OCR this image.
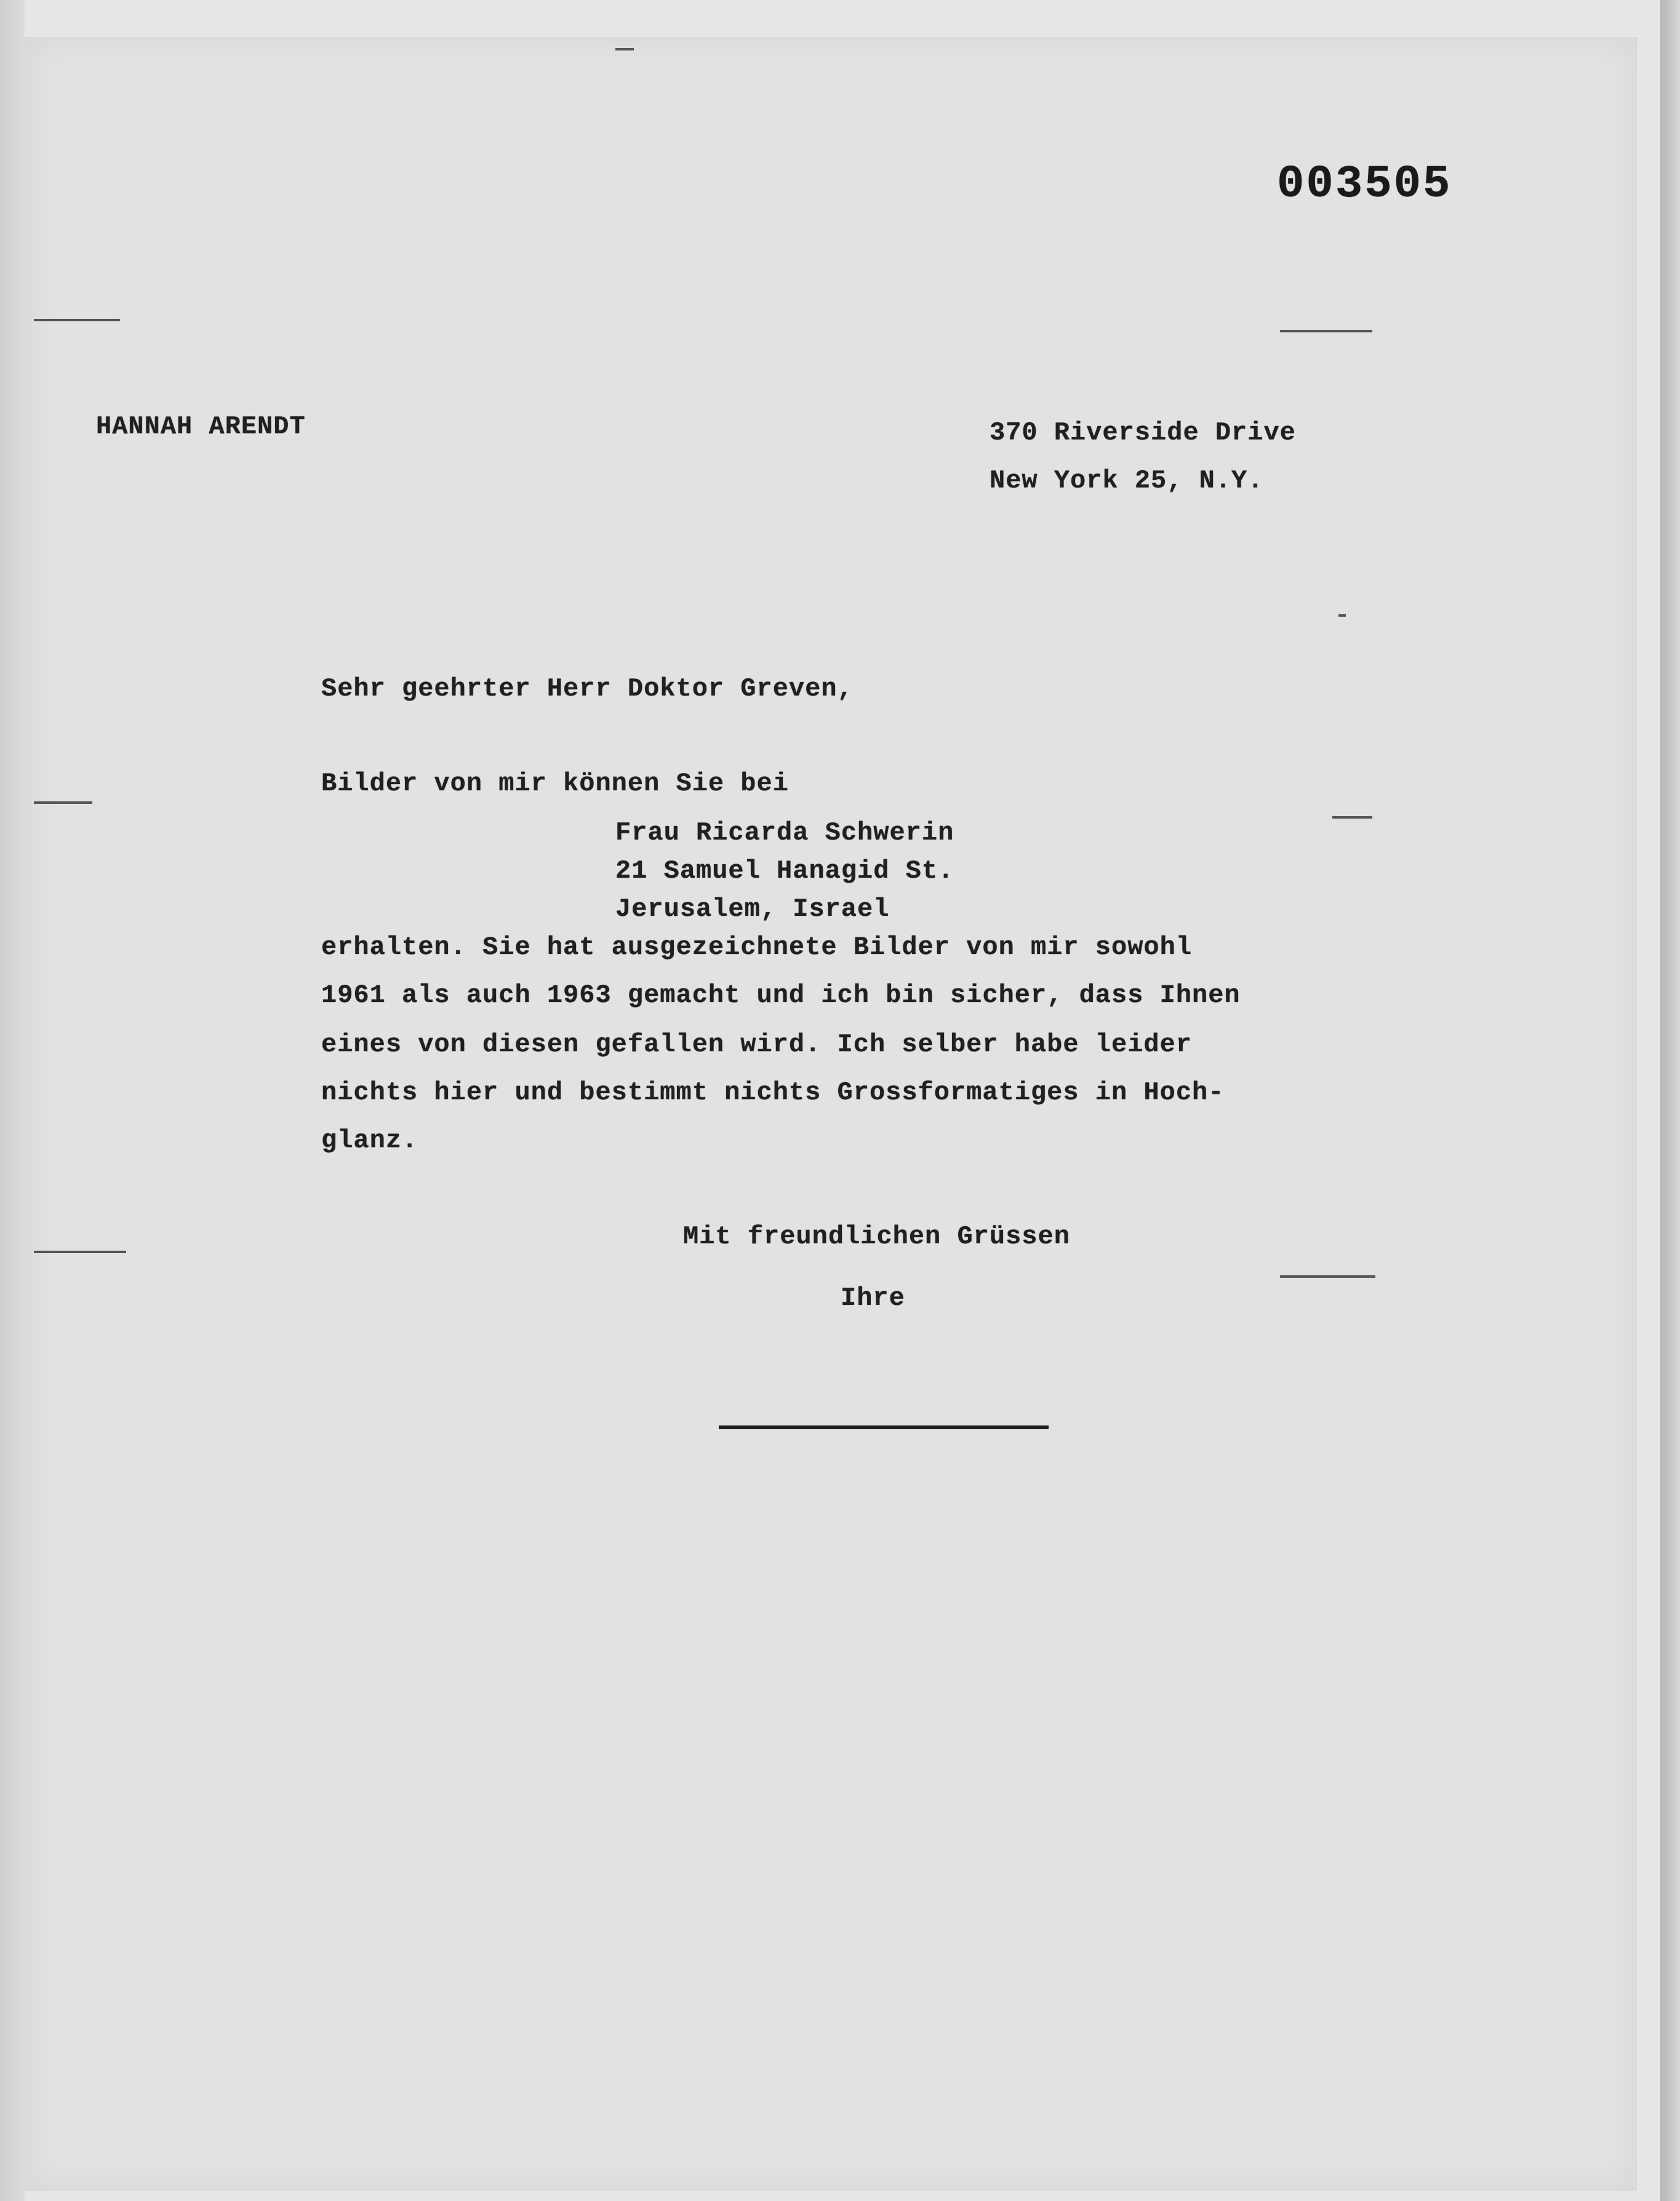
003505
HANNAH ARENDT	370 Riverside Drive
New York 25, N.Y.
Sehr geehrter Herr Doktor Greven,
Bilder von mir können Sie bei
Frau Ricarda Schwerin
21 Samuel Hanagid St.
Jerusalem, Israel
erhalten. Sie hat ausgezeichnete Bilder von mir sowohl
1961 als auch 1963 gemacht und ich bin sicher, dass Ihnen
eines von diesen gefallen wird. Ich selber habe leider
nichts hier und bestimmt nichts Grossformatiges in Hoch-
glanz.
Mit freundlichen Grüssen
Ihre
